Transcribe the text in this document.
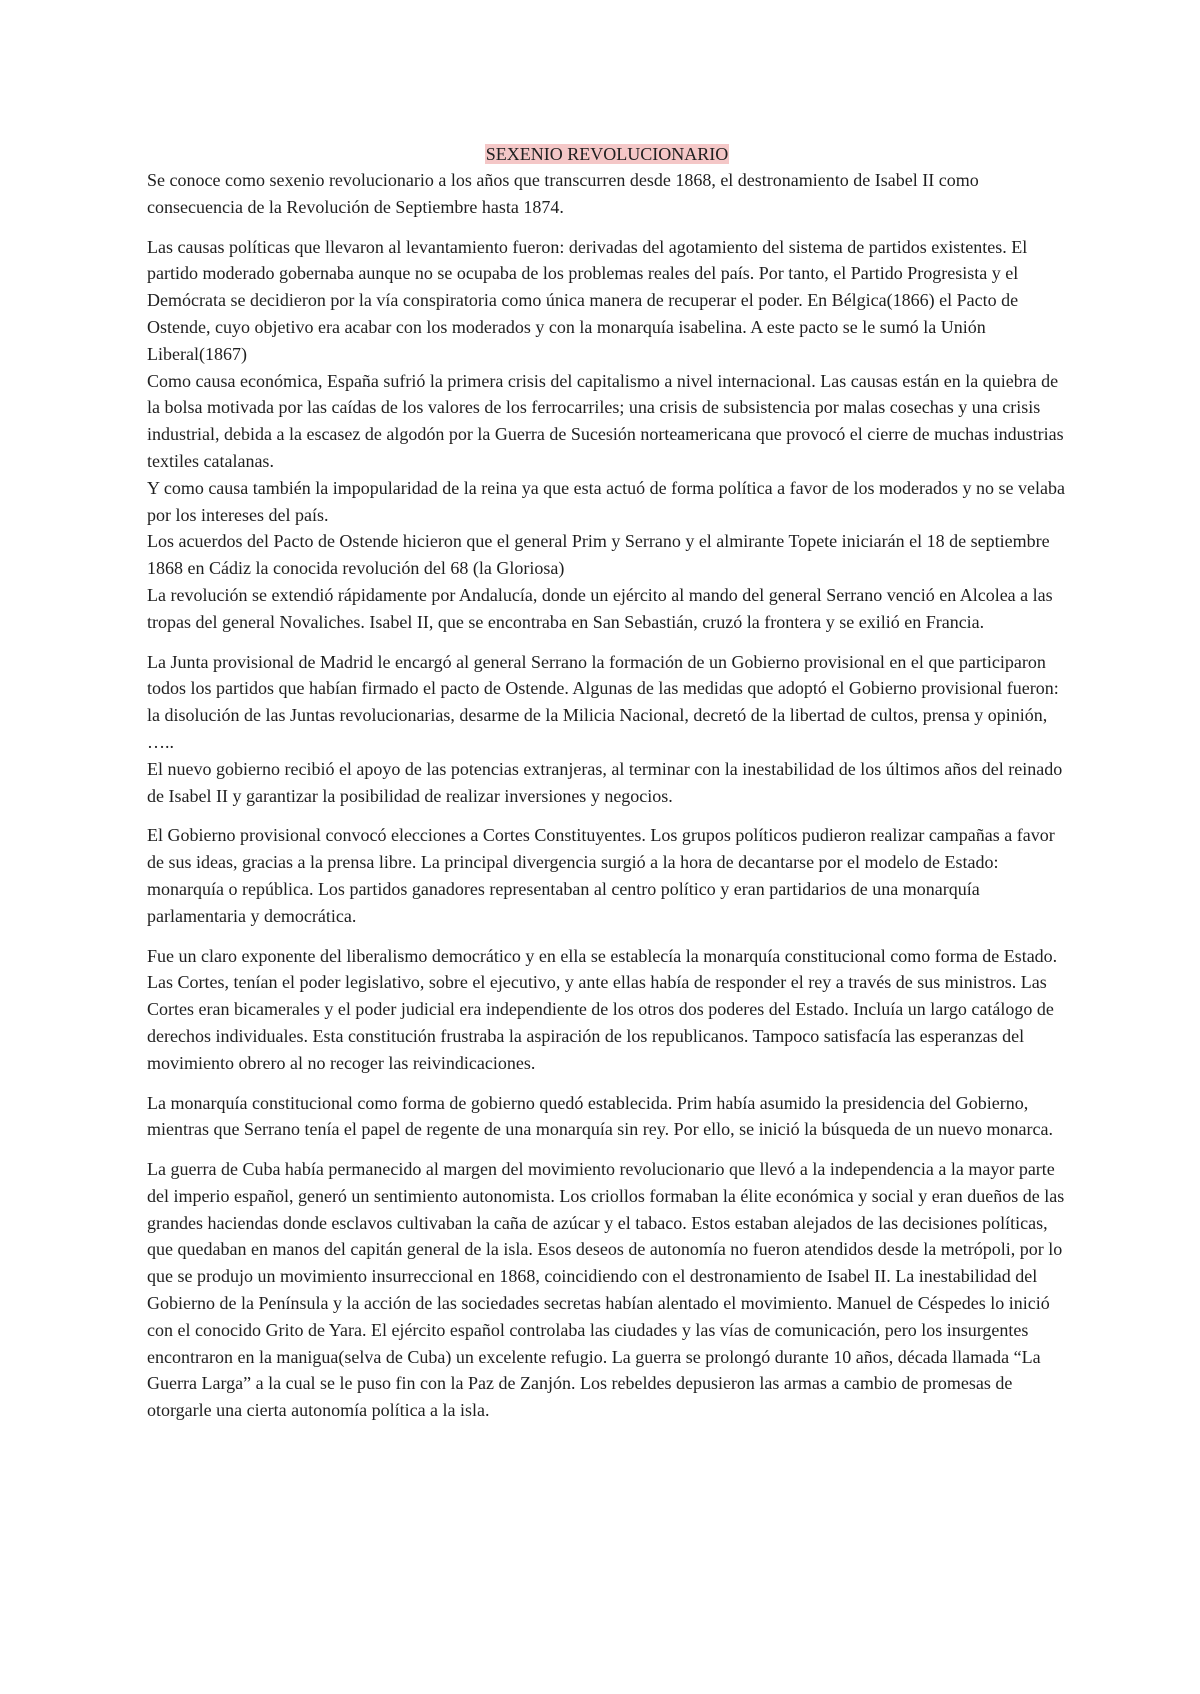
SEXENIO REVOLUCIONARIO

Se conoce como sexenio revolucionario a los años que transcurren desde 1868, el destronamiento de Isabel II como consecuencia de la Revolución de Septiembre hasta 1874.

Las causas políticas que llevaron al levantamiento fueron: derivadas del agotamiento del sistema de partidos existentes. El partido moderado gobernaba aunque no se ocupaba de los problemas reales del país. Por tanto, el Partido Progresista y el Demócrata se decidieron por la vía conspiratoria como única manera de recuperar el poder. En Bélgica(1866) el Pacto de Ostende, cuyo objetivo era acabar con los moderados y con la monarquía isabelina. A este pacto se le sumó la Unión Liberal(1867)

Como causa económica, España sufrió la primera crisis del capitalismo a nivel internacional. Las causas están en la quiebra de la bolsa motivada por las caídas de los valores de los ferrocarriles; una crisis de subsistencia por malas cosechas y una crisis industrial, debida a la escasez de algodón por la Guerra de Sucesión norteamericana que provocó el cierre de muchas industrias textiles catalanas.

Y como causa también la impopularidad de la reina ya que esta actuó de forma política a favor de los moderados y no se velaba por los intereses del país.

Los acuerdos del Pacto de Ostende hicieron que el general Prim y Serrano y el almirante Topete iniciarán el 18 de septiembre 1868 en Cádiz la conocida revolución del 68 (la Gloriosa)

La revolución se extendió rápidamente por Andalucía, donde un ejército al mando del general Serrano venció en Alcolea a las tropas del general Novaliches. Isabel II, que se encontraba en San Sebastián, cruzó la frontera y se exilió en Francia.

La Junta provisional de Madrid le encargó al general Serrano la formación de un Gobierno provisional en el que participaron todos los partidos que habían firmado el pacto de Ostende. Algunas de las medidas que adoptó el Gobierno provisional fueron: la disolución de las Juntas revolucionarias, desarme de la Milicia Nacional, decretó de la libertad de cultos, prensa y opinión, …..

El nuevo gobierno recibió el apoyo de las potencias extranjeras, al terminar con la inestabilidad de los últimos años del reinado de Isabel II y garantizar la posibilidad de realizar inversiones y negocios.

El Gobierno provisional convocó elecciones a Cortes Constituyentes. Los grupos políticos pudieron realizar campañas a favor de sus ideas, gracias a la prensa libre. La principal divergencia surgió a la hora de decantarse por el modelo de Estado: monarquía o república. Los partidos ganadores representaban al centro político y eran partidarios de una monarquía parlamentaria y democrática.

Fue un claro exponente del liberalismo democrático y en ella se establecía la monarquía constitucional como forma de Estado. Las Cortes, tenían el poder legislativo, sobre el ejecutivo, y ante ellas había de responder el rey a través de sus ministros. Las Cortes eran bicamerales y el poder judicial era independiente de los otros dos poderes del Estado. Incluía un largo catálogo de derechos individuales. Esta constitución frustraba la aspiración de los republicanos. Tampoco satisfacía las esperanzas del movimiento obrero al no recoger las reivindicaciones.

La monarquía constitucional como forma de gobierno quedó establecida. Prim había asumido la presidencia del Gobierno, mientras que Serrano tenía el papel de regente de una monarquía sin rey. Por ello, se inició la búsqueda de un nuevo monarca.

La guerra de Cuba había permanecido al margen del movimiento revolucionario que llevó a la independencia a la mayor parte del imperio español, generó un sentimiento autonomista. Los criollos formaban la élite económica y social y eran dueños de las grandes haciendas donde esclavos cultivaban la caña de azúcar y el tabaco. Estos estaban alejados de las decisiones políticas, que quedaban en manos del capitán general de la isla. Esos deseos de autonomía no fueron atendidos desde la metrópoli, por lo que se produjo un movimiento insurreccional en 1868, coincidiendo con el destronamiento de Isabel II. La inestabilidad del Gobierno de la Península y la acción de las sociedades secretas habían alentado el movimiento. Manuel de Céspedes lo inició con el conocido Grito de Yara. El ejército español controlaba las ciudades y las vías de comunicación, pero los insurgentes encontraron en la manigua(selva de Cuba) un excelente refugio. La guerra se prolongó durante 10 años, década llamada “La Guerra Larga” a la cual se le puso fin con la Paz de Zanjón. Los rebeldes depusieron las armas a cambio de promesas de otorgarle una cierta autonomía política a la isla.
